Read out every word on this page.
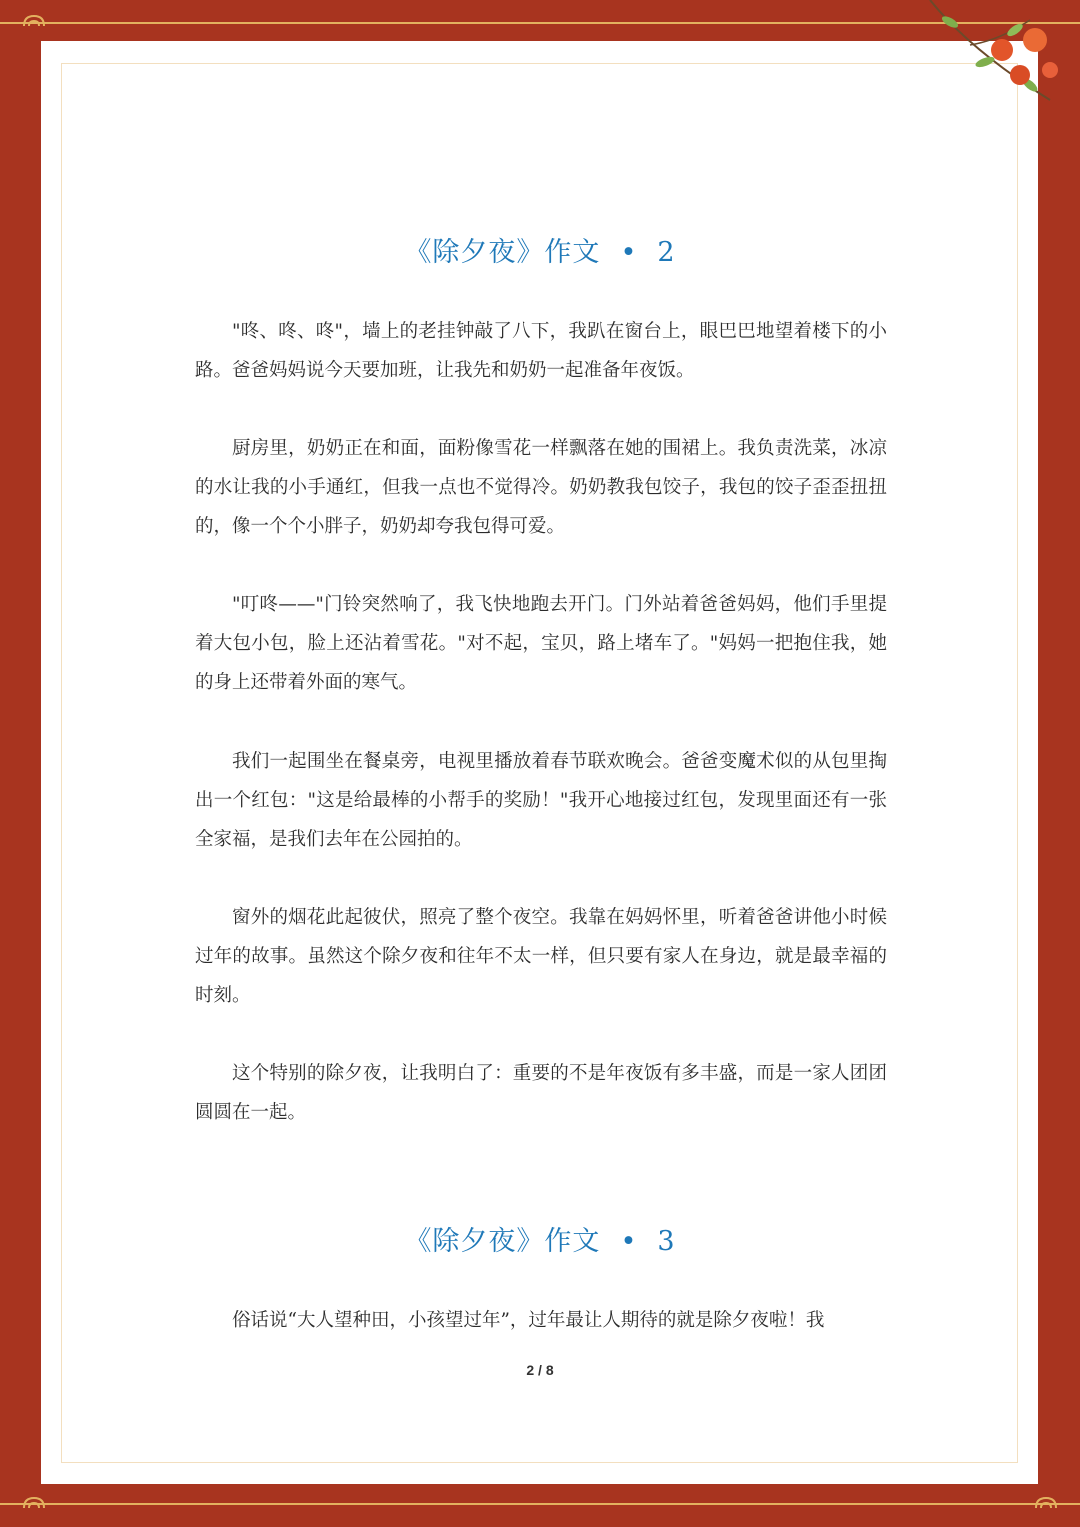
《除夕夜》作文 • 2

"咚、咚、咚"，墙上的老挂钟敲了八下，我趴在窗台上，眼巴巴地望着楼下的小路。爸爸妈妈说今天要加班，让我先和奶奶一起准备年夜饭。

厨房里，奶奶正在和面，面粉像雪花一样飘落在她的围裙上。我负责洗菜，冰凉的水让我的小手通红，但我一点也不觉得冷。奶奶教我包饺子，我包的饺子歪歪扭扭的，像一个个小胖子，奶奶却夸我包得可爱。

"叮咚——"门铃突然响了，我飞快地跑去开门。门外站着爸爸妈妈，他们手里提着大包小包，脸上还沾着雪花。"对不起，宝贝，路上堵车了。"妈妈一把抱住我，她的身上还带着外面的寒气。

我们一起围坐在餐桌旁，电视里播放着春节联欢晚会。爸爸变魔术似的从包里掏出一个红包："这是给最棒的小帮手的奖励！"我开心地接过红包，发现里面还有一张全家福，是我们去年在公园拍的。

窗外的烟花此起彼伏，照亮了整个夜空。我靠在妈妈怀里，听着爸爸讲他小时候过年的故事。虽然这个除夕夜和往年不太一样，但只要有家人在身边，就是最幸福的时刻。

这个特别的除夕夜，让我明白了：重要的不是年夜饭有多丰盛，而是一家人团团圆圆在一起。

《除夕夜》作文 • 3

俗话说“大人望种田，小孩望过年”，过年最让人期待的就是除夕夜啦！我

2 / 8
